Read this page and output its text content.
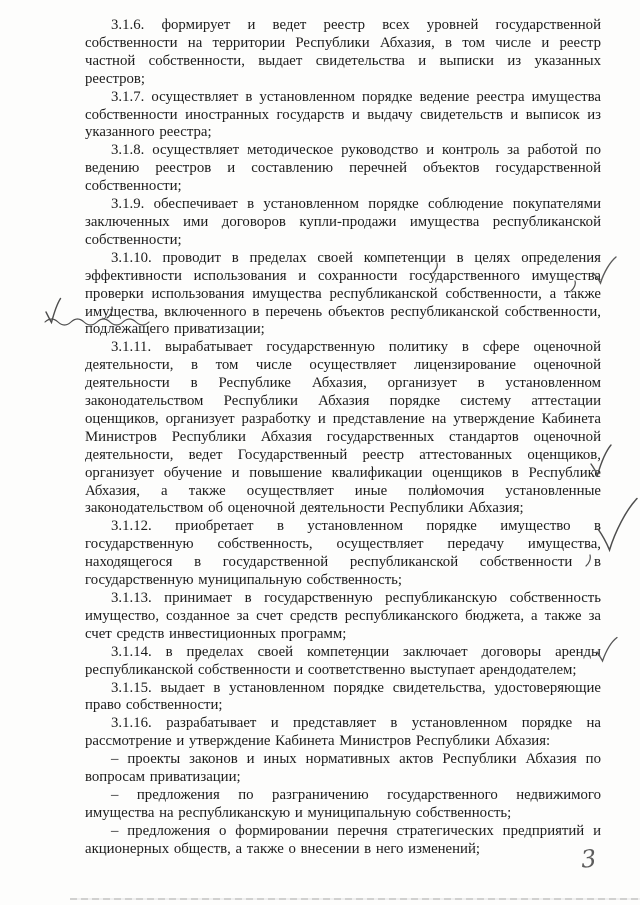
3.1.6. формирует и ведет реестр всех уровней государственной собственности на территории Республики Абхазия, в том числе и реестр частной собственности, выдает свидетельства и выписки из указанных реестров;

3.1.7. осуществляет в установленном порядке ведение реестра имущества собственности иностранных государств и выдачу свидетельств и выписок из указанного реестра;

3.1.8. осуществляет методическое руководство и контроль за работой по ведению реестров и составлению перечней объектов государственной собственности;

3.1.9. обеспечивает в установленном порядке соблюдение покупателями заключенных ими договоров купли-продажи имущества республиканской собственности;

3.1.10. проводит в пределах своей компетенции в целях определения эффективности использования и сохранности государственного имущества проверки использования имущества республиканской собственности, а также имущества, включенного в перечень объектов республиканской собственности, подлежащего приватизации;

3.1.11. вырабатывает государственную политику в сфере оценочной деятельности, в том числе осуществляет лицензирование оценочной деятельности в Республике Абхазия, организует в установленном законодательством Республики Абхазия порядке систему аттестации оценщиков, организует разработку и представление на утверждение Кабинета Министров Республики Абхазия государственных стандартов оценочной деятельности, ведет Государственный реестр аттестованных оценщиков, организует обучение и повышение квалификации оценщиков в Республике Абхазия, а также осуществляет иные полномочия установленные законодательством об оценочной деятельности Республики Абхазия;

3.1.12. приобретает в установленном порядке имущество в государственную собственность, осуществляет передачу имущества, находящегося в государственной республиканской собственности в государственную муниципальную собственность;

3.1.13. принимает в государственную республиканскую собственность имущество, созданное за счет средств республиканского бюджета, а также за счет средств инвестиционных программ;

3.1.14. в пределах своей компетенции заключает договоры аренды республиканской собственности и соответственно выступает арендодателем;

3.1.15. выдает в установленном порядке свидетельства, удостоверяющие право собственности;

3.1.16. разрабатывает и представляет в установленном порядке на рассмотрение и утверждение Кабинета Министров Республики Абхазия:

– проекты законов и иных нормативных актов Республики Абхазия по вопросам приватизации;

– предложения по разграничению государственного недвижимого имущества на республиканскую и муниципальную собственность;

– предложения о формировании перечня стратегических предприятий и акционерных обществ, а также о внесении в него изменений;	3
